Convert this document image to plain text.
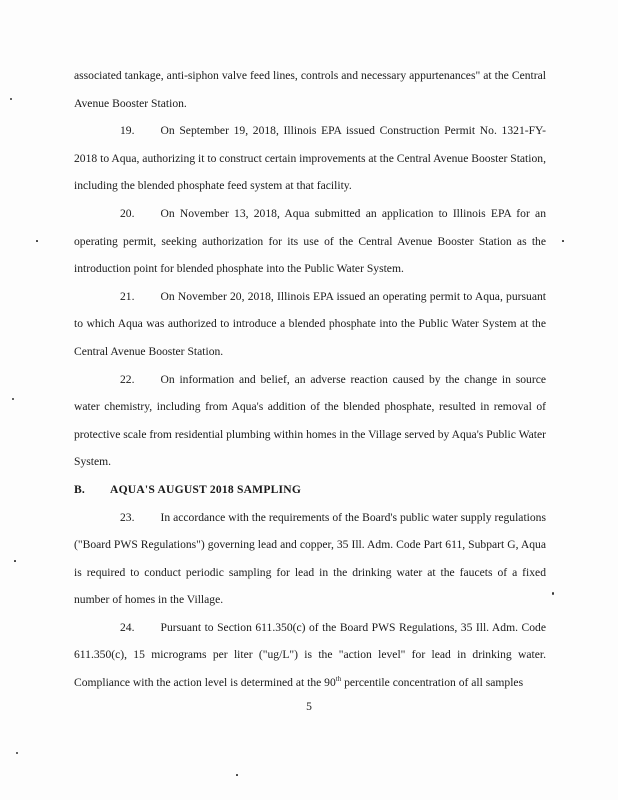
associated tankage, anti-siphon valve feed lines, controls and necessary appurtenances" at the Central Avenue Booster Station.

19. On September 19, 2018, Illinois EPA issued Construction Permit No. 1321-FY-2018 to Aqua, authorizing it to construct certain improvements at the Central Avenue Booster Station, including the blended phosphate feed system at that facility.

20. On November 13, 2018, Aqua submitted an application to Illinois EPA for an operating permit, seeking authorization for its use of the Central Avenue Booster Station as the introduction point for blended phosphate into the Public Water System.

21. On November 20, 2018, Illinois EPA issued an operating permit to Aqua, pursuant to which Aqua was authorized to introduce a blended phosphate into the Public Water System at the Central Avenue Booster Station.

22. On information and belief, an adverse reaction caused by the change in source water chemistry, including from Aqua's addition of the blended phosphate, resulted in removal of protective scale from residential plumbing within homes in the Village served by Aqua's Public Water System.

B. AQUA'S AUGUST 2018 SAMPLING

23. In accordance with the requirements of the Board's public water supply regulations ("Board PWS Regulations") governing lead and copper, 35 Ill. Adm. Code Part 611, Subpart G, Aqua is required to conduct periodic sampling for lead in the drinking water at the faucets of a fixed number of homes in the Village.

24. Pursuant to Section 611.350(c) of the Board PWS Regulations, 35 Ill. Adm. Code 611.350(c), 15 micrograms per liter ("ug/L") is the "action level" for lead in drinking water. Compliance with the action level is determined at the 90th percentile concentration of all samples

5
